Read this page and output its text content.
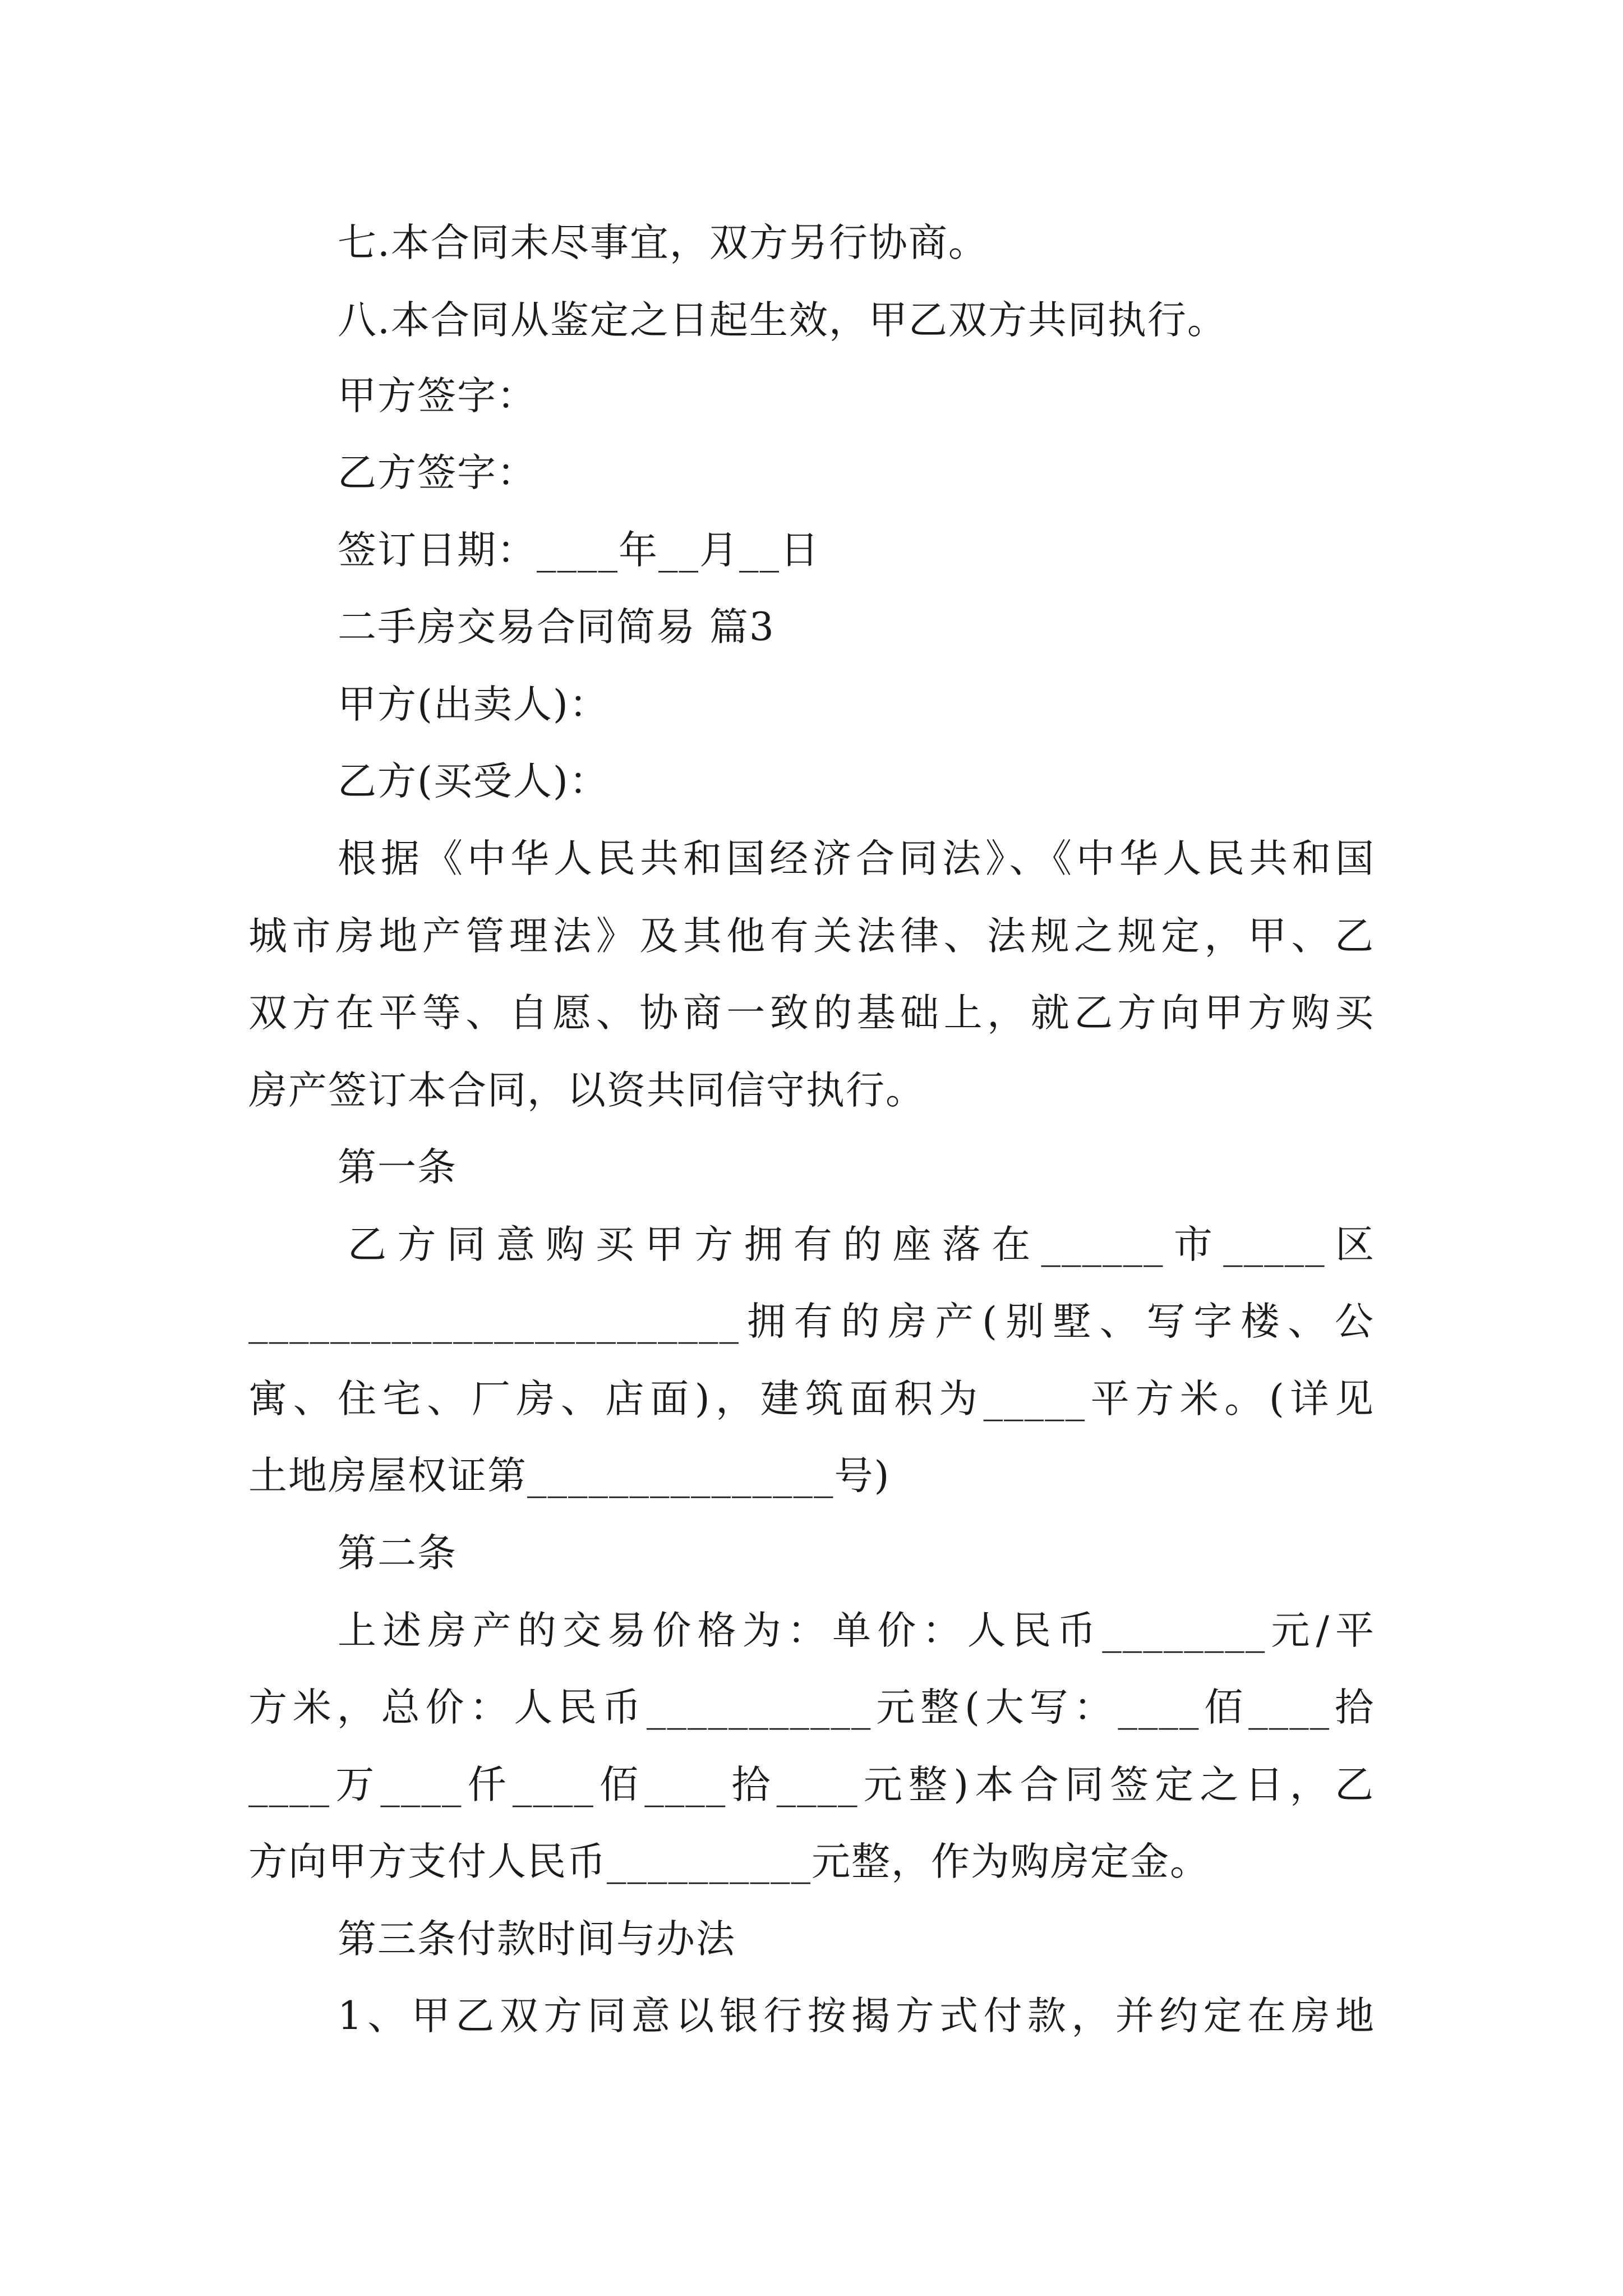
七.本合同未尽事宜，双方另行协商。
八.本合同从鉴定之日起生效，甲乙双方共同执行。
甲方签字：
乙方签字：
签订日期：____年__月__日
二手房交易合同简易 篇3
甲方(出卖人)：
乙方(买受人)：
根据《中华人民共和国经济合同法》、《中华人民共和国
城市房地产管理法》及其他有关法律、法规之规定，甲、乙
双方在平等、自愿、协商一致的基础上，就乙方向甲方购买
房产签订本合同，以资共同信守执行。
第一条
乙方同意购买甲方拥有的座落在______市_____区
________________________拥有的房产(别墅、写字楼、公
寓、住宅、厂房、店面)，建筑面积为_____平方米。(详见
土地房屋权证第_______________号)
第二条
上述房产的交易价格为：单价：人民币________元/平
方米，总价：人民币___________元整(大写：____佰____拾
____万____仟____佰____拾____元整)本合同签定之日，乙
方向甲方支付人民币__________元整，作为购房定金。
第三条付款时间与办法
1、甲乙双方同意以银行按揭方式付款，并约定在房地
